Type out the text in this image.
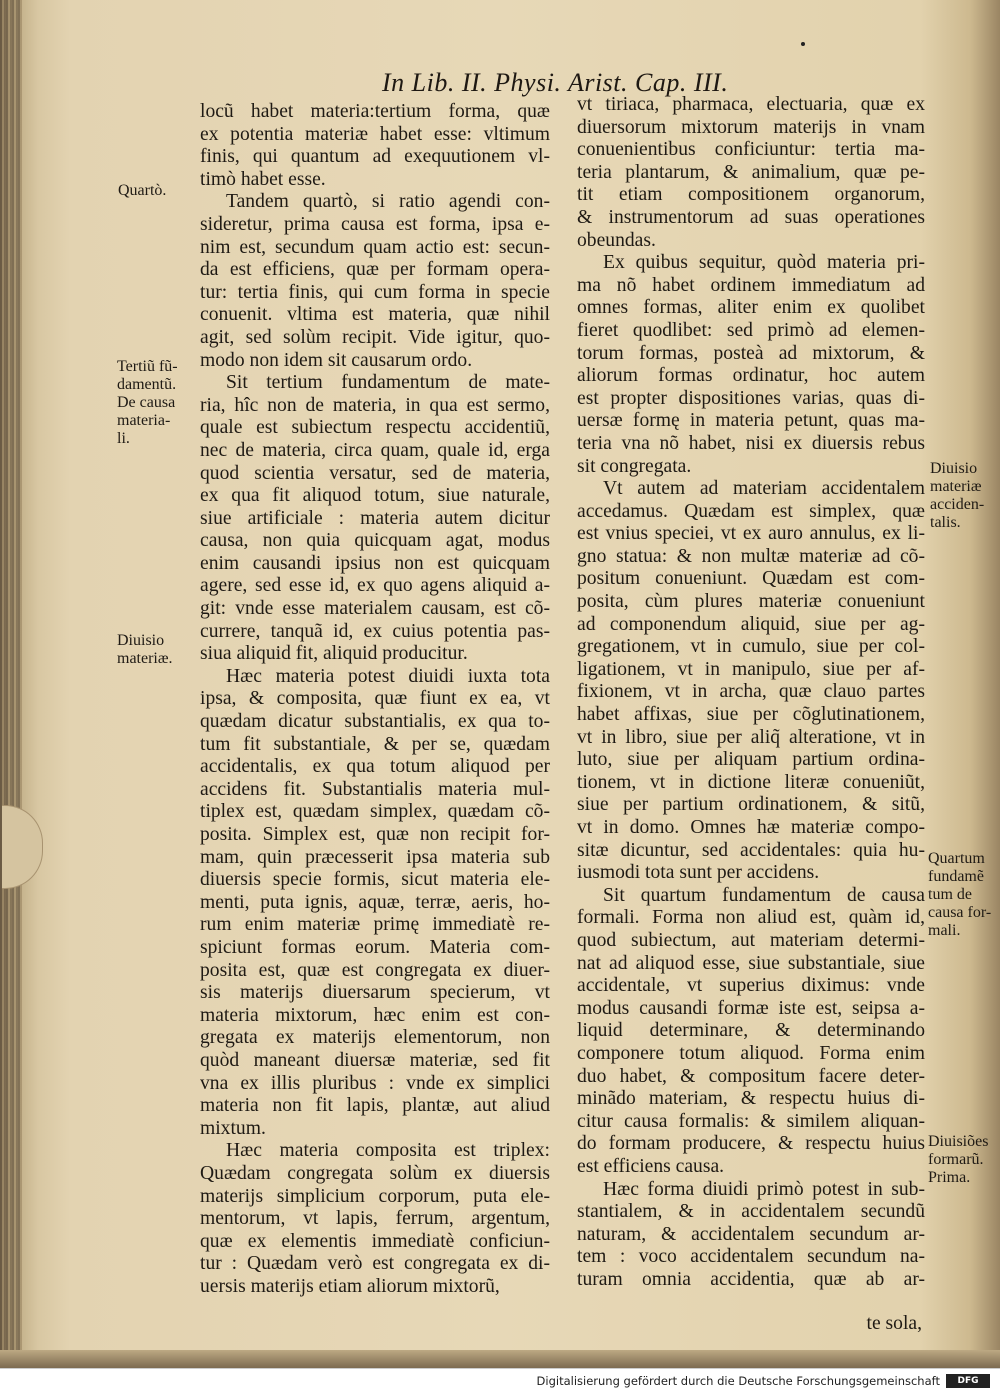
In Lib. II. Physi. Arist. Cap. III.
locũ habet materia:tertium forma, quæ
ex potentia materiæ habet esse: vltimum
finis, qui quantum ad exequutionem vl-
timò habet esse.
Tandem quartò, si ratio agendi con-
sideretur, prima causa est forma, ipsa e-
nim est, secundum quam actio est: secun-
da est efficiens, quæ per formam opera-
tur: tertia finis, qui cum forma in specie
conuenit. vltima est materia, quæ nihil
agit, sed solùm recipit. Vide igitur, quo-
modo non idem sit causarum ordo.
Sit tertium fundamentum de mate-
ria, hîc non de materia, in qua est sermo,
quale est subiectum respectu accidentiũ,
nec de materia, circa quam, quale id, erga
quod scientia versatur, sed de materia,
ex qua fit aliquod totum, siue naturale,
siue artificiale : materia autem dicitur
causa, non quia quicquam agat, modus
enim causandi ipsius non est quicquam
agere, sed esse id, ex quo agens aliquid a-
git: vnde esse materialem causam, est cõ-
currere, tanquã id, ex cuius potentia pas-
siua aliquid fit, aliquid producitur.
Hæc materia potest diuidi iuxta tota
ipsa, & composita, quæ fiunt ex ea, vt
quædam dicatur substantialis, ex qua to-
tum fit substantiale, & per se, quædam
accidentalis, ex qua totum aliquod per
accidens fit. Substantialis materia mul-
tiplex est, quædam simplex, quædam cõ-
posita. Simplex est, quæ non recipit for-
mam, quin præcesserit ipsa materia sub
diuersis specie formis, sicut materia ele-
menti, puta ignis, aquæ, terræ, aeris, ho-
rum enim materiæ primę immediatè re-
spiciunt formas eorum. Materia com-
posita est, quæ est congregata ex diuer-
sis materijs diuersarum specierum, vt
materia mixtorum, hæc enim est con-
gregata ex materijs elementorum, non
quòd maneant diuersæ materiæ, sed fit
vna ex illis pluribus : vnde ex simplici
materia non fit lapis, plantæ, aut aliud
mixtum.
Hæc materia composita est triplex:
Quædam congregata solùm ex diuersis
materijs simplicium corporum, puta ele-
mentorum, vt lapis, ferrum, argentum,
quæ ex elementis immediatè conficiun-
tur : Quædam verò est congregata ex di-
uersis materijs etiam aliorum mixtorũ,
vt tiriaca, pharmaca, electuaria, quæ ex
diuersorum mixtorum materijs in vnam
conuenientibus conficiuntur: tertia ma-
teria plantarum, & animalium, quæ pe-
tit etiam compositionem organorum,
& instrumentorum ad suas operationes
obeundas.
Ex quibus sequitur, quòd materia pri-
ma nõ habet ordinem immediatum ad
omnes formas, aliter enim ex quolibet
fieret quodlibet: sed primò ad elemen-
torum formas, posteà ad mixtorum, &
aliorum formas ordinatur, hoc autem
est propter dispositiones varias, quas di-
uersæ formę in materia petunt, quas ma-
teria vna nõ habet, nisi ex diuersis rebus
sit congregata.
Vt autem ad materiam accidentalem
accedamus. Quædam est simplex, quæ
est vnius speciei, vt ex auro annulus, ex li-
gno statua: & non multæ materiæ ad cõ-
positum conueniunt. Quædam est com-
posita, cùm plures materiæ conueniunt
ad componendum aliquid, siue per ag-
gregationem, vt in cumulo, siue per col-
ligationem, vt in manipulo, siue per af-
fixionem, vt in archa, quæ clauo partes
habet affixas, siue per cõglutinationem,
vt in libro, siue per aliq̃ alteratione, vt in
luto, siue per aliquam partium ordina-
tionem, vt in dictione literæ conueniũt,
siue per partium ordinationem, & sitũ,
vt in domo. Omnes hæ materiæ compo-
sitæ dicuntur, sed accidentales: quia hu-
iusmodi tota sunt per accidens.
Sit quartum fundamentum de causa
formali. Forma non aliud est, quàm id,
quod subiectum, aut materiam determi-
nat ad aliquod esse, siue substantiale, siue
accidentale, vt superius diximus: vnde
modus causandi formæ iste est, seipsa a-
liquid determinare, & determinando
componere totum aliquod. Forma enim
duo habet, & compositum facere deter-
minãdo materiam, & respectu huius di-
citur causa formalis: & similem aliquan-
do formam producere, & respectu huius
est efficiens causa.
Hæc forma diuidi primò potest in sub-
stantialem, & in accidentalem secundũ
naturam, & accidentalem secundum ar-
tem : voco accidentalem secundum na-
turam omnia accidentia, quæ ab ar-
Quartò.
Tertiũ fũ-
damentũ.
De causa
materia-
li.
Diuisio
materiæ.
Diuisio
materiæ
acciden-
talis.
Quartum
fundamẽ
tum de
causa for-
mali.
Diuisiões
formarũ.
Prima.
te sola,
Digitalisierung gefördert durch die Deutsche Forschungsgemeinschaft	DFG
